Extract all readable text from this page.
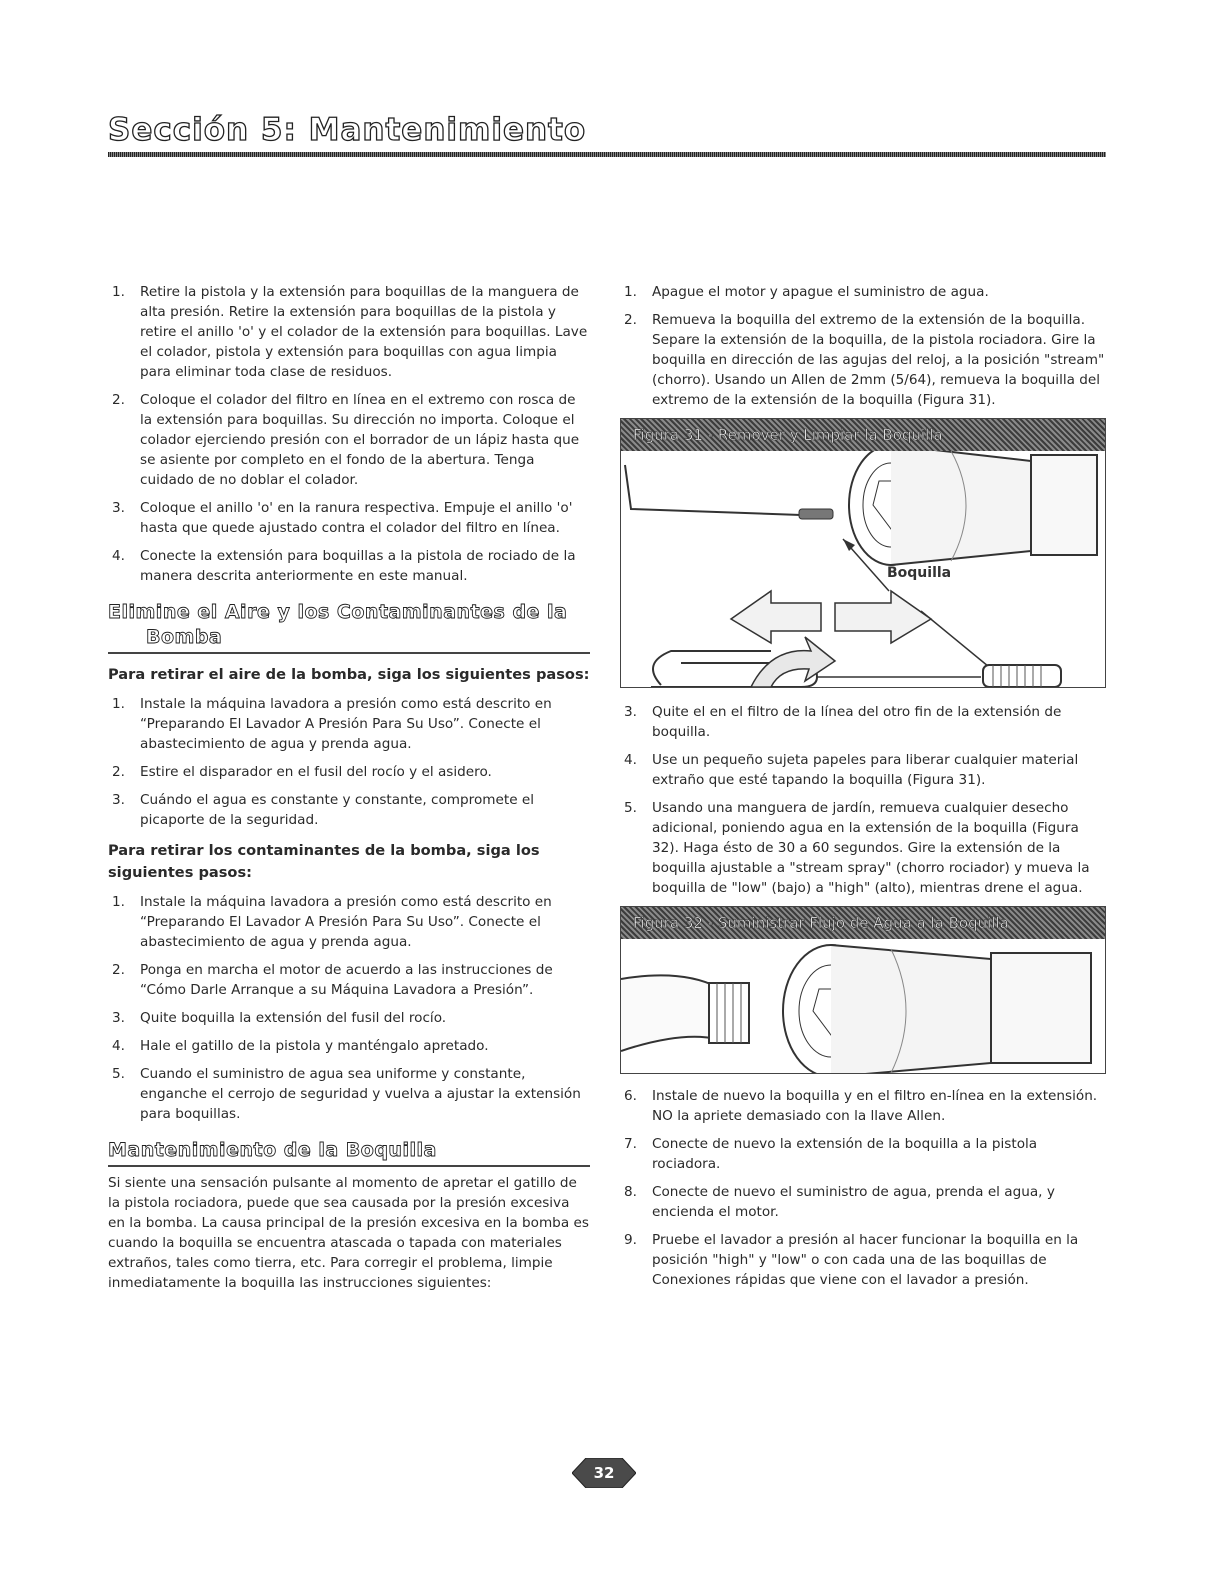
Sección 5: Mantenimiento
1. Retire la pistola y la extensión para boquillas de la manguera de alta presión. Retire la extensión para boquillas de la pistola y retire el anillo 'o' y el colador de la extensión para boquillas. Lave el colador, pistola y extensión para boquillas con agua limpia para eliminar toda clase de residuos.
2. Coloque el colador del filtro en línea en el extremo con rosca de la extensión para boquillas. Su dirección no importa. Coloque el colador ejerciendo presión con el borrador de un lápiz hasta que se asiente por completo en el fondo de la abertura. Tenga cuidado de no doblar el colador.
3. Coloque el anillo 'o' en la ranura respectiva. Empuje el anillo 'o' hasta que quede ajustado contra el colador del filtro en línea.
4. Conecte la extensión para boquillas a la pistola de rociado de la manera descrita anteriormente en este manual.
Elimine el Aire y los Contaminantes de la
Bomba
Para retirar el aire de la bomba, siga los siguientes pasos:
1. Instale la máquina lavadora a presión como está descrito en “Preparando El Lavador A Presión Para Su Uso”. Conecte el abastecimiento de agua y prenda agua.
2. Estire el disparador en el fusil del rocío y el asidero.
3. Cuándo el agua es constante y constante, compromete el picaporte de la seguridad.
Para retirar los contaminantes de la bomba, siga los siguientes pasos:
1. Instale la máquina lavadora a presión como está descrito en “Preparando El Lavador A Presión Para Su Uso”. Conecte el abastecimiento de agua y prenda agua.
2. Ponga en marcha el motor de acuerdo a las instrucciones de “Cómo Darle Arranque a su Máquina Lavadora a Presión”.
3. Quite boquilla la extensión del fusil del rocío.
4. Hale el gatillo de la pistola y manténgalo apretado.
5. Cuando el suministro de agua sea uniforme y constante, enganche el cerrojo de seguridad y vuelva a ajustar la extensión para boquillas.
Mantenimiento de la Boquilla

Si siente una sensación pulsante al momento de apretar el gatillo de la pistola rociadora, puede que sea causada por la presión excesiva en la bomba. La causa principal de la presión excesiva en la bomba es cuando la boquilla se encuentra atascada o tapada con materiales extraños, tales como tierra, etc. Para corregir el problema, limpie inmediatamente la boquilla las instrucciones siguientes:

1. Apague el motor y apague el suministro de agua.
2. Remueva la boquilla del extremo de la extensión de la boquilla. Separe la extensión de la boquilla, de la pistola rociadora. Gire la boquilla en dirección de las agujas del reloj, a la posición "stream" (chorro). Usando un Allen de 2mm (5/64), remueva la boquilla del extremo de la extensión de la boquilla (Figura 31).
Figura 31 - Remover y Limpiar la Boquilla
Boquilla
3. Quite el en el filtro de la línea del otro fin de la extensión de boquilla.
4. Use un pequeño sujeta papeles para liberar cualquier material extraño que esté tapando la boquilla (Figura 31).
5. Usando una manguera de jardín, remueva cualquier desecho adicional, poniendo agua en la extensión de la boquilla (Figura 32). Haga ésto de 30 a 60 segundos. Gire la extensión de la boquilla ajustable a "stream spray" (chorro rociador) y mueva la boquilla de "low" (bajo) a "high" (alto), mientras drene el agua.
Figura 32 - Suministrar Flujo de Agua a la Boquilla
6. Instale de nuevo la boquilla y en el filtro en-línea en la extensión. NO la apriete demasiado con la llave Allen.
7. Conecte de nuevo la extensión de la boquilla a la pistola rociadora.
8. Conecte de nuevo el suministro de agua, prenda el agua, y encienda el motor.
9. Pruebe el lavador a presión al hacer funcionar la boquilla en la posición "high" y "low" o con cada una de las boquillas de Conexiones rápidas que viene con el lavador a presión.
32
